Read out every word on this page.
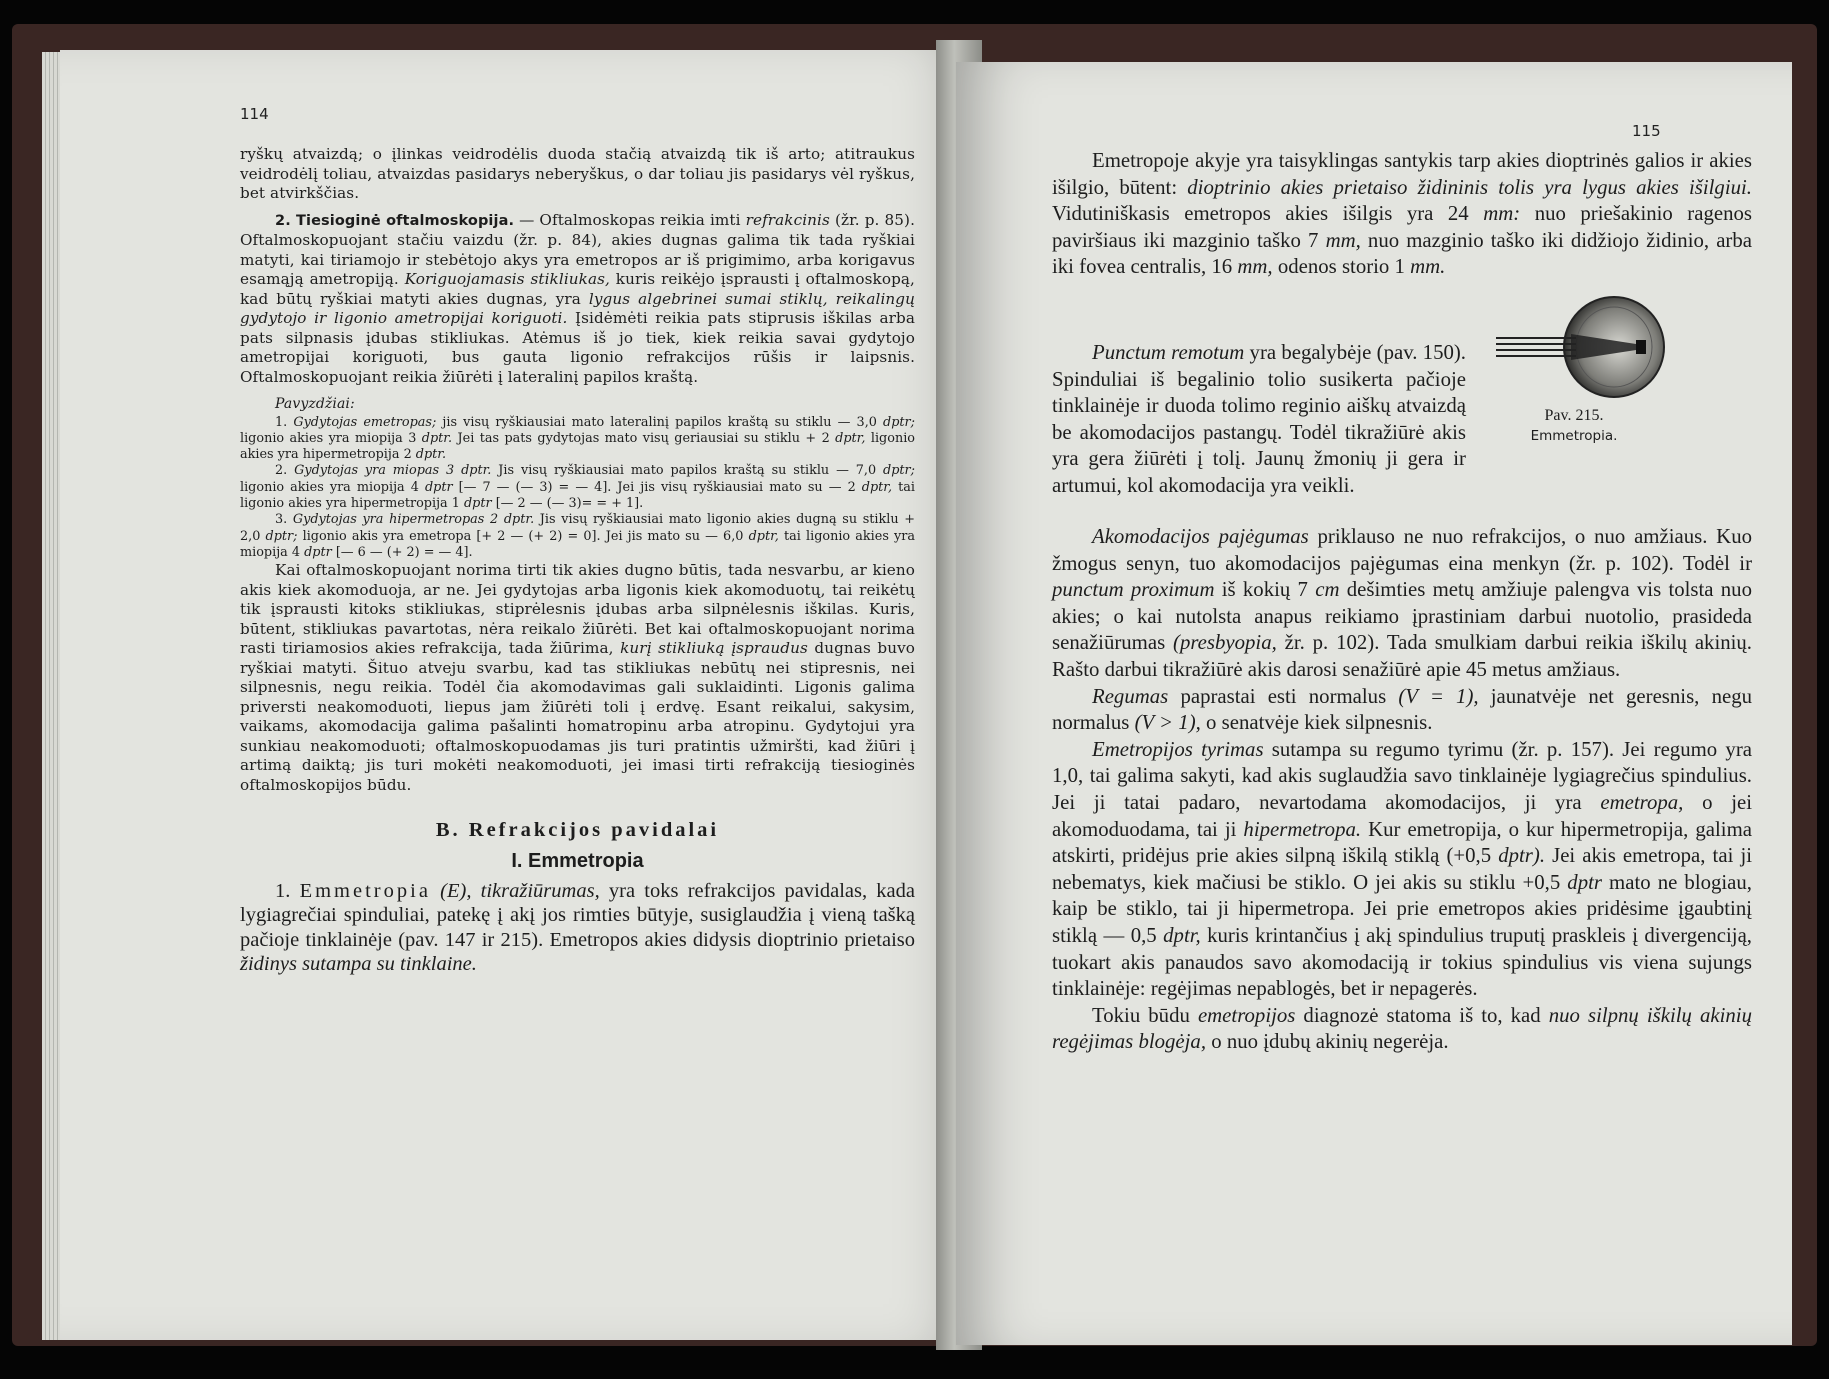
114

ryškų atvaizdą; o įlinkas veidrodėlis duoda stačią atvaizdą tik iš arto; atitraukus veidrodėlį toliau, atvaizdas pasidarys neberyškus, o dar toliau jis pasidarys vėl ryškus, bet atvirkščias.

2. Tiesioginė oftalmoskopija. — Oftalmoskopas reikia imti refrakcinis (žr. p. 85). Oftalmoskopuojant stačiu vaizdu (žr. p. 84), akies dugnas galima tik tada ryškiai matyti, kai tiriamojo ir stebėtojo akys yra emetropos ar iš prigimimo, arba korigavus esamąją ametropiją. Koriguojamasis stikliukas, kuris reikėjo įsprausti į oftalmoskopą, kad būtų ryškiai matyti akies dugnas, yra lygus algebrinei sumai stiklų, reikalingų gydytojo ir ligonio ametropijai koriguoti. Įsidėmėti reikia pats stiprusis iškilas arba pats silpnasis įdubas stikliukas. Atėmus iš jo tiek, kiek reikia savai gydytojo ametropijai koriguoti, bus gauta ligonio refrakcijos rūšis ir laipsnis. Oftalmoskopuojant reikia žiūrėti į lateralinį papilos kraštą.

Pavyzdžiai:

1. Gydytojas emetropas; jis visų ryškiausiai mato lateralinį papilos kraštą su stiklu — 3,0 dptr; ligonio akies yra miopija 3 dptr. Jei tas pats gydytojas mato visų geriausiai su stiklu + 2 dptr, ligonio akies yra hipermetropija 2 dptr.

2. Gydytojas yra miopas 3 dptr. Jis visų ryškiausiai mato papilos kraštą su stiklu — 7,0 dptr; ligonio akies yra miopija 4 dptr [— 7 — (— 3) = — 4]. Jei jis visų ryškiausiai mato su — 2 dptr, tai ligonio akies yra hipermetropija 1 dptr [— 2 — (— 3)= = + 1].

3. Gydytojas yra hipermetropas 2 dptr. Jis visų ryškiausiai mato ligonio akies dugną su stiklu + 2,0 dptr; ligonio akis yra emetropa [+ 2 — (+ 2) = 0]. Jei jis mato su — 6,0 dptr, tai ligonio akies yra miopija 4 dptr [— 6 — (+ 2) = — 4].

Kai oftalmoskopuojant norima tirti tik akies dugno būtis, tada nesvarbu, ar kieno akis kiek akomoduoja, ar ne. Jei gydytojas arba ligonis kiek akomoduotų, tai reikėtų tik įsprausti kitoks stikliukas, stiprėlesnis įdubas arba silpnėlesnis iškilas. Kuris, būtent, stikliukas pavartotas, nėra reikalo žiūrėti. Bet kai oftalmoskopuojant norima rasti tiriamosios akies refrakcija, tada žiūrima, kurį stikliuką įspraudus dugnas buvo ryškiai matyti. Šituo atveju svarbu, kad tas stikliukas nebūtų nei stipresnis, nei silpnesnis, negu reikia. Todėl čia akomodavimas gali suklaidinti. Ligonis galima priversti neakomoduoti, liepus jam žiūrėti toli į erdvę. Esant reikalui, sakysim, vaikams, akomodacija galima pašalinti homatropinu arba atropinu. Gydytojui yra sunkiau neakomoduoti; oftalmoskopuodamas jis turi pratintis užmiršti, kad žiūri į artimą daiktą; jis turi mokėti neakomoduoti, jei imasi tirti refrakciją tiesioginės oftalmoskopijos būdu.

B. Refrakcijos pavidalai

I. Emmetropia

1. Emmetropia (E), tikražiūrumas, yra toks refrakcijos pavidalas, kada lygiagrečiai spinduliai, patekę į akį jos rimties būtyje, susiglaudžia į vieną tašką pačioje tinklainėje (pav. 147 ir 215). Emetropos akies didysis dioptrinio prietaiso židinys sutampa su tinklaine.

115

Emetropoje akyje yra taisyklingas santykis tarp akies dioptrinės galios ir akies išilgio, būtent: dioptrinio akies prietaiso židininis tolis yra lygus akies išilgiui. Vidutiniškasis emetropos akies išilgis yra 24 mm: nuo priešakinio ragenos paviršiaus iki mazginio taško 7 mm, nuo mazginio taško iki didžiojo židinio, arba iki fovea centralis, 16 mm, odenos storio 1 mm.

Punctum remotum yra begalybėje (pav. 150). Spinduliai iš begalinio tolio susikerta pačioje tinklainėje ir duoda tolimo reginio aiškų atvaizdą be akomodacijos pastangų. Todėl tikražiūrė akis yra gera žiūrėti į tolį. Jaunų žmonių ji gera ir artumui, kol akomodacija yra veikli.

Akomodacijos pajėgumas priklauso ne nuo refrakcijos, o nuo amžiaus. Kuo žmogus senyn, tuo akomodacijos pajėgumas eina menkyn (žr. p. 102). Todėl ir punctum proximum iš kokių 7 cm dešimties metų amžiuje palengva vis tolsta nuo akies; o kai nutolsta anapus reikiamo įprastiniam darbui nuotolio, prasideda senažiūrumas (presbyopia, žr. p. 102). Tada smulkiam darbui reikia iškilų akinių. Rašto darbui tikražiūrė akis darosi senažiūrė apie 45 metus amžiaus.

Regumas paprastai esti normalus (V = 1), jaunatvėje net geresnis, negu normalus (V > 1), o senatvėje kiek silpnesnis.

Emetropijos tyrimas sutampa su regumo tyrimu (žr. p. 157). Jei regumo yra 1,0, tai galima sakyti, kad akis suglaudžia savo tinklainėje lygiagrečius spindulius. Jei ji tatai padaro, nevartodama akomodacijos, ji yra emetropa, o jei akomoduodama, tai ji hipermetropa. Kur emetropija, o kur hipermetropija, galima atskirti, pridėjus prie akies silpną iškilą stiklą (+0,5 dptr). Jei akis emetropa, tai ji nebematys, kiek mačiusi be stiklo. O jei akis su stiklu +0,5 dptr mato ne blogiau, kaip be stiklo, tai ji hipermetropa. Jei prie emetropos akies pridėsime įgaubtinį stiklą — 0,5 dptr, kuris krintančius į akį spindulius truputį praskleis į divergenciją, tuokart akis panaudos savo akomodaciją ir tokius spindulius vis viena sujungs tinklainėje: regėjimas nepablogės, bet ir nepagerės.

Tokiu būdu emetropijos diagnozė statoma iš to, kad nuo silpnų iškilų akinių regėjimas blogėja, o nuo įdubų akinių negerėja.

Pav. 215.
Emmetropia.
